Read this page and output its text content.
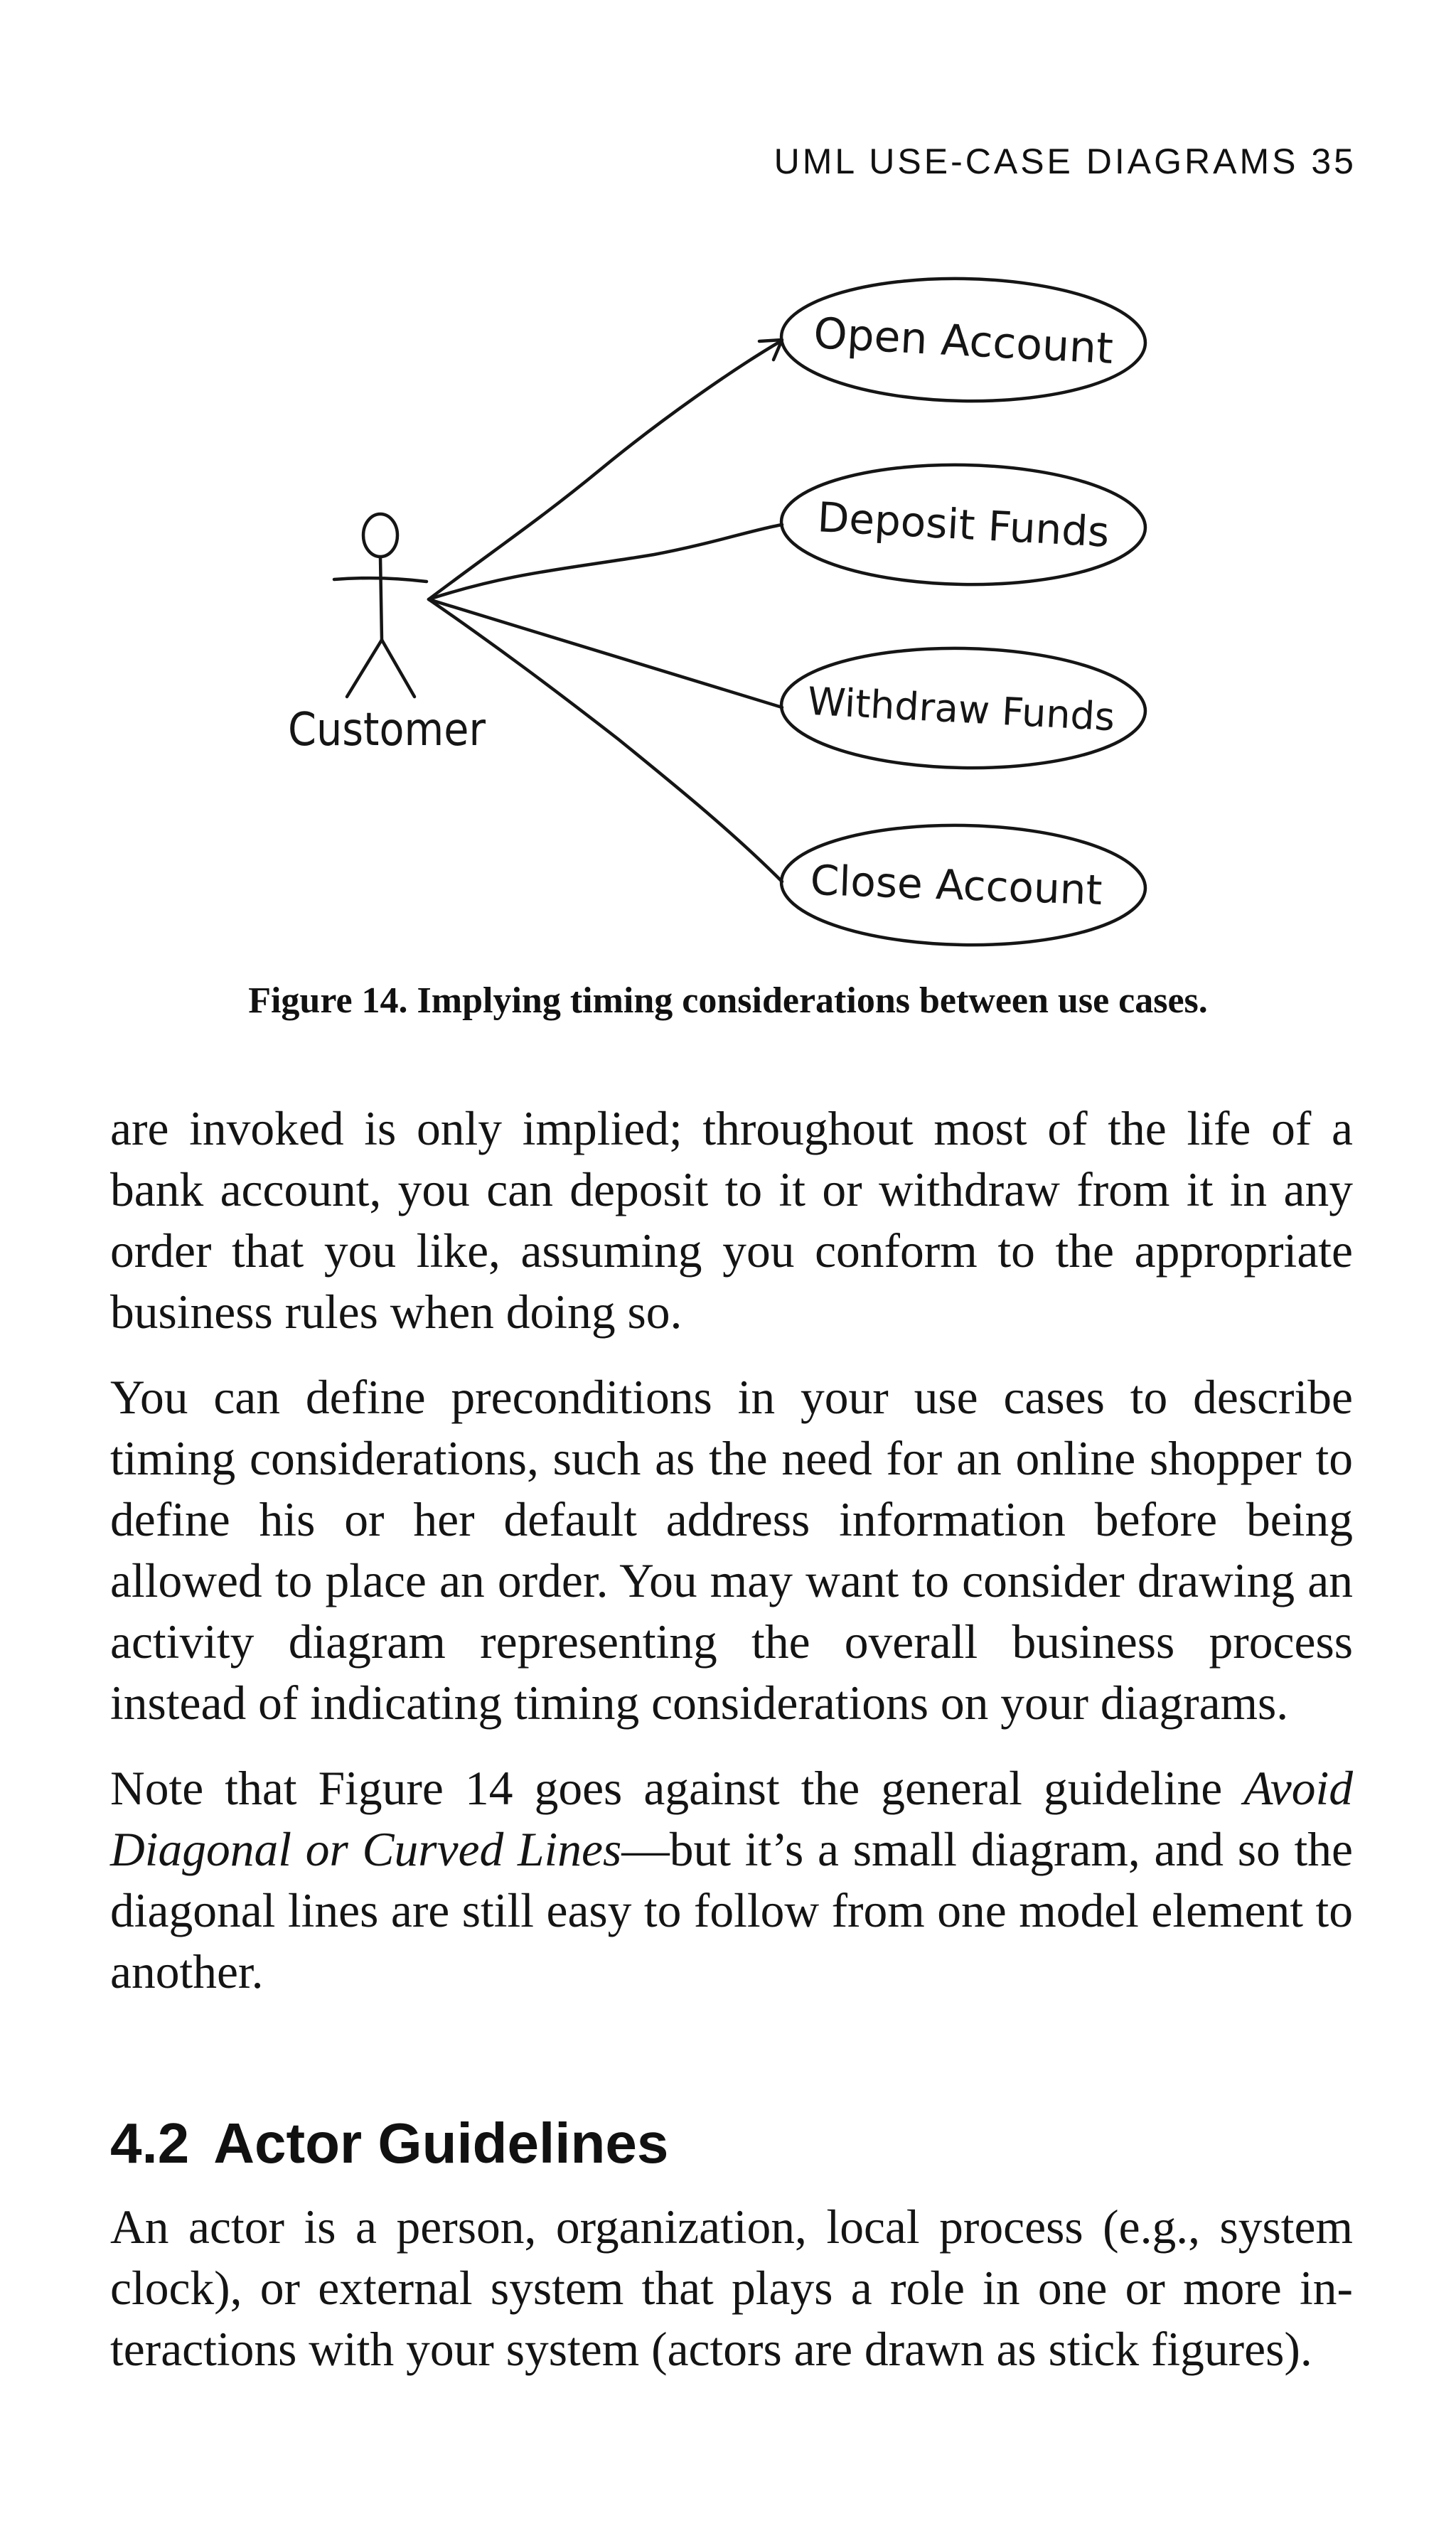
UML USE-CASE DIAGRAMS 35
Customer
Open Account
Deposit Funds
Withdraw Funds
Close Account
Figure 14. Implying timing considerations between use cases.

are invoked is only implied; throughout most of the life of a bank account, you can deposit to it or withdraw from it in any order that you like, assuming you conform to the appropriate business rules when doing so.

You can define preconditions in your use cases to describe timing considerations, such as the need for an online shopper to define his or her default address information before being allowed to place an order. You may want to consider drawing an activity diagram representing the overall business process instead of indicating timing considerations on your diagrams.

Note that Figure 14 goes against the general guideline Avoid Diagonal or Curved Lines—but it’s a small diagram, and so the diagonal lines are still easy to follow from one model element to another.

4.2 Actor Guidelines

An actor is a person, organization, local process (e.g., system clock), or external system that plays a role in one or more interactions with your system (actors are drawn as stick figures).
